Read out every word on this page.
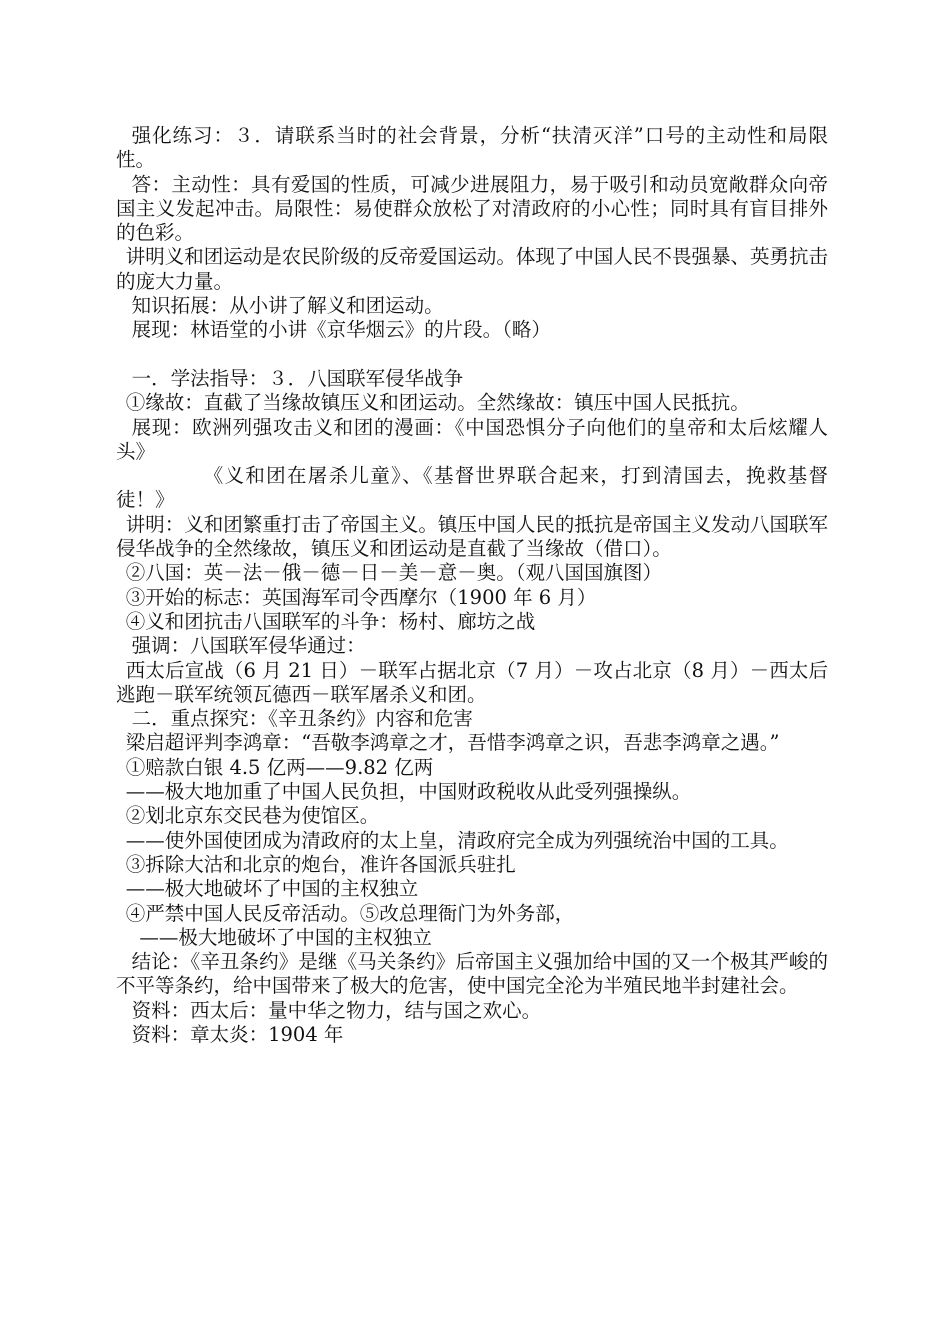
强化练习：３．请联系当时的社会背景，分析“扶清灭洋”口号的主动性和局限性。

答：主动性：具有爱国的性质，可减少进展阻力，易于吸引和动员宽敞群众向帝国主义发起冲击。局限性：易使群众放松了对清政府的小心性；同时具有盲目排外的色彩。

讲明义和团运动是农民阶级的反帝爱国运动。体现了中国人民不畏强暴、英勇抗击的庞大力量。

知识拓展：从小讲了解义和团运动。

展现：林语堂的小讲《京华烟云》的片段。（略）

一．学法指导：３．八国联军侵华战争

①缘故：直截了当缘故镇压义和团运动。全然缘故：镇压中国人民抵抗。

展现：欧洲列强攻击义和团的漫画：《中国恐惧分子向他们的皇帝和太后炫耀人头》

《义和团在屠杀儿童》、《基督世界联合起来，打到清国去，挽救基督徒！》

讲明：义和团繁重打击了帝国主义。镇压中国人民的抵抗是帝国主义发动八国联军侵华战争的全然缘故，镇压义和团运动是直截了当缘故（借口）。

②八国：英－法－俄－德－日－美－意－奥。（观八国国旗图）

③开始的标志：英国海军司令西摩尔（1900 年 6 月）

④义和团抗击八国联军的斗争：杨村、廊坊之战

强调：八国联军侵华通过：

西太后宣战（6 月 21 日）－联军占据北京（7 月）－攻占北京（8 月）－西太后逃跑－联军统领瓦德西－联军屠杀义和团。

二．重点探究：《辛丑条约》内容和危害

梁启超评判李鸿章：“吾敬李鸿章之才，吾惜李鸿章之识，吾悲李鸿章之遇。”

①赔款白银 4.5 亿两——9.82 亿两

——极大地加重了中国人民负担，中国财政税收从此受列强操纵。

②划北京东交民巷为使馆区。

——使外国使团成为清政府的太上皇，清政府完全成为列强统治中国的工具。

③拆除大沽和北京的炮台，准许各国派兵驻扎

——极大地破坏了中国的主权独立

④严禁中国人民反帝活动。⑤改总理衙门为外务部，

——极大地破坏了中国的主权独立

结论：《辛丑条约》是继《马关条约》后帝国主义强加给中国的又一个极其严峻的不平等条约，给中国带来了极大的危害，使中国完全沦为半殖民地半封建社会。

资料：西太后：量中华之物力，结与国之欢心。

资料：章太炎：1904 年
